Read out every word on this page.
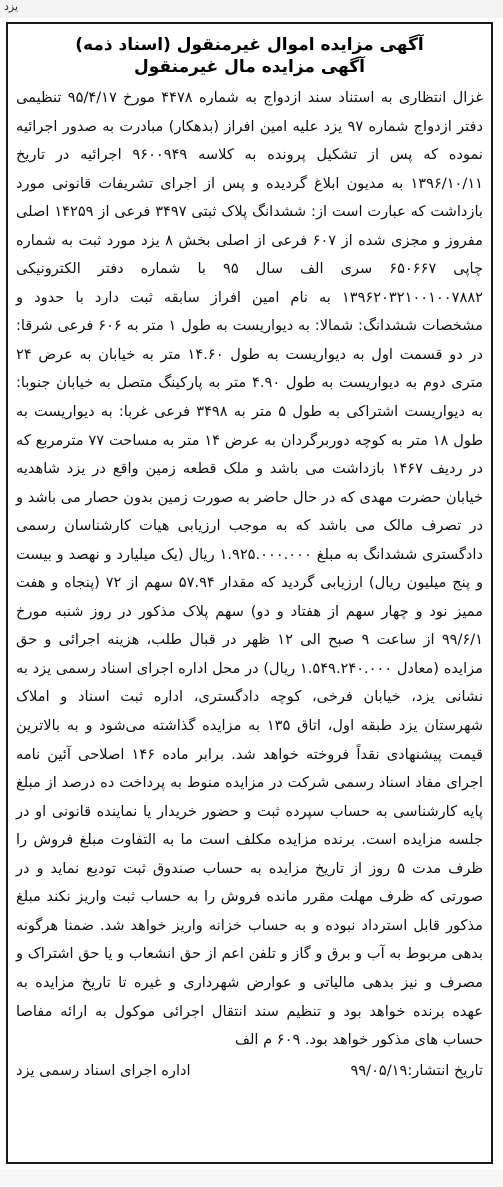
یزد

آگهی مزایده اموال غیرمنقول (اسناد ذمه)

آگهی مزایده مال غیرمنقول

غزال انتظاری به استناد سند ازدواج به شماره ۴۴۷۸ مورخ ۹۵/۴/۱۷ تنظیمی دفتر ازدواج شماره ۹۷ یزد علیه امین افراز (بدهکار) مبادرت به صدور اجرائیه نموده که پس از تشکیل پرونده به کلاسه ۹۶۰۰۹۴۹ اجرائیه در تاریخ ۱۳۹۶/۱۰/۱۱ به مدیون ابلاغ گردیده و پس از اجرای تشریفات قانونی مورد بازداشت که عبارت است از: ششدانگ پلاک ثبتی ۳۴۹۷ فرعی از ۱۴۲۵۹ اصلی مفروز و مجزی شده از ۶۰۷ فرعی از اصلی بخش ۸ یزد مورد ثبت به شماره چاپی ۶۵۰۶۶۷ سری الف سال ۹۵ با شماره دفتر الکترونیکی ۱۳۹۶۲۰۳۲۱۰۰۱۰۰۷۸۸۲ به نام امین افراز سابقه ثبت دارد با حدود و مشخصات ششدانگ: شمالا: به دیواریست به طول ۱ متر به ۶۰۶ فرعی شرقا: در دو قسمت اول به دیواریست به طول ۱۴.۶۰ متر به خیابان به عرض ۲۴ متری دوم به دیواریست به طول ۴.۹۰ متر به پارکینگ متصل به خیابان جنوبا: به دیواریست اشتراکی به طول ۵ متر به ۳۴۹۸ فرعی غربا: به دیواریست به طول ۱۸ متر به کوچه دوربرگردان به عرض ۱۴ متر به مساحت ۷۷ مترمربع که در ردیف ۱۴۶۷ بازداشت می باشد و ملک قطعه زمین واقع در یزد شاهدیه خیابان حضرت مهدی که در حال حاضر به صورت زمین بدون حصار می باشد و در تصرف مالک می باشد که به موجب ارزیابی هیات کارشناسان رسمی دادگستری ششدانگ به مبلغ ۱.۹۲۵.۰۰۰.۰۰۰ ریال (یک میلیارد و نهصد و بیست و پنج میلیون ریال) ارزیابی گردید که مقدار ۵۷.۹۴ سهم از ۷۲ (پنجاه و هفت ممیز نود و چهار سهم از هفتاد و دو) سهم پلاک مذکور در روز شنبه مورخ ۹۹/۶/۱ از ساعت ۹ صبح الی ۱۲ ظهر در قبال طلب، هزینه اجرائی و حق مزایده (معادل ۱.۵۴۹.۲۴۰.۰۰۰ ریال) در محل اداره اجرای اسناد رسمی یزد به نشانی یزد، خیابان فرخی، کوچه دادگستری، اداره ثبت اسناد و املاک شهرستان یزد طبقه اول، اتاق ۱۳۵ به مزایده گذاشته می‌شود و به بالاترین قیمت پیشنهادی نقداً فروخته خواهد شد. برابر ماده ۱۴۶ اصلاحی آئین نامه اجرای مفاد اسناد رسمی شرکت در مزایده منوط به پرداخت ده درصد از مبلغ پایه کارشناسی به حساب سپرده ثبت و حضور خریدار یا نماینده قانونی او در جلسه مزایده است. برنده مزایده مکلف است ما به التفاوت مبلغ فروش را ظرف مدت ۵ روز از تاریخ مزایده به حساب صندوق ثبت تودیع نماید و در صورتی که ظرف مهلت مقرر مانده فروش را به حساب ثبت واریز نکند مبلغ مذکور قابل استرداد نبوده و به حساب خزانه واریز خواهد شد. ضمنا هرگونه بدهی مربوط به آب و برق و گاز و تلفن اعم از حق انشعاب و یا حق اشتراک و مصرف و نیز بدهی مالیاتی و عوارض شهرداری و غیره تا تاریخ مزایده به عهده برنده خواهد بود و تنظیم سند انتقال اجرائی موکول به ارائه مفاصا حساب های مذکور خواهد بود. ۶۰۹ م الف

تاریخ انتشار:۹۹/۰۵/۱۹
اداره اجرای اسناد رسمی یزد
